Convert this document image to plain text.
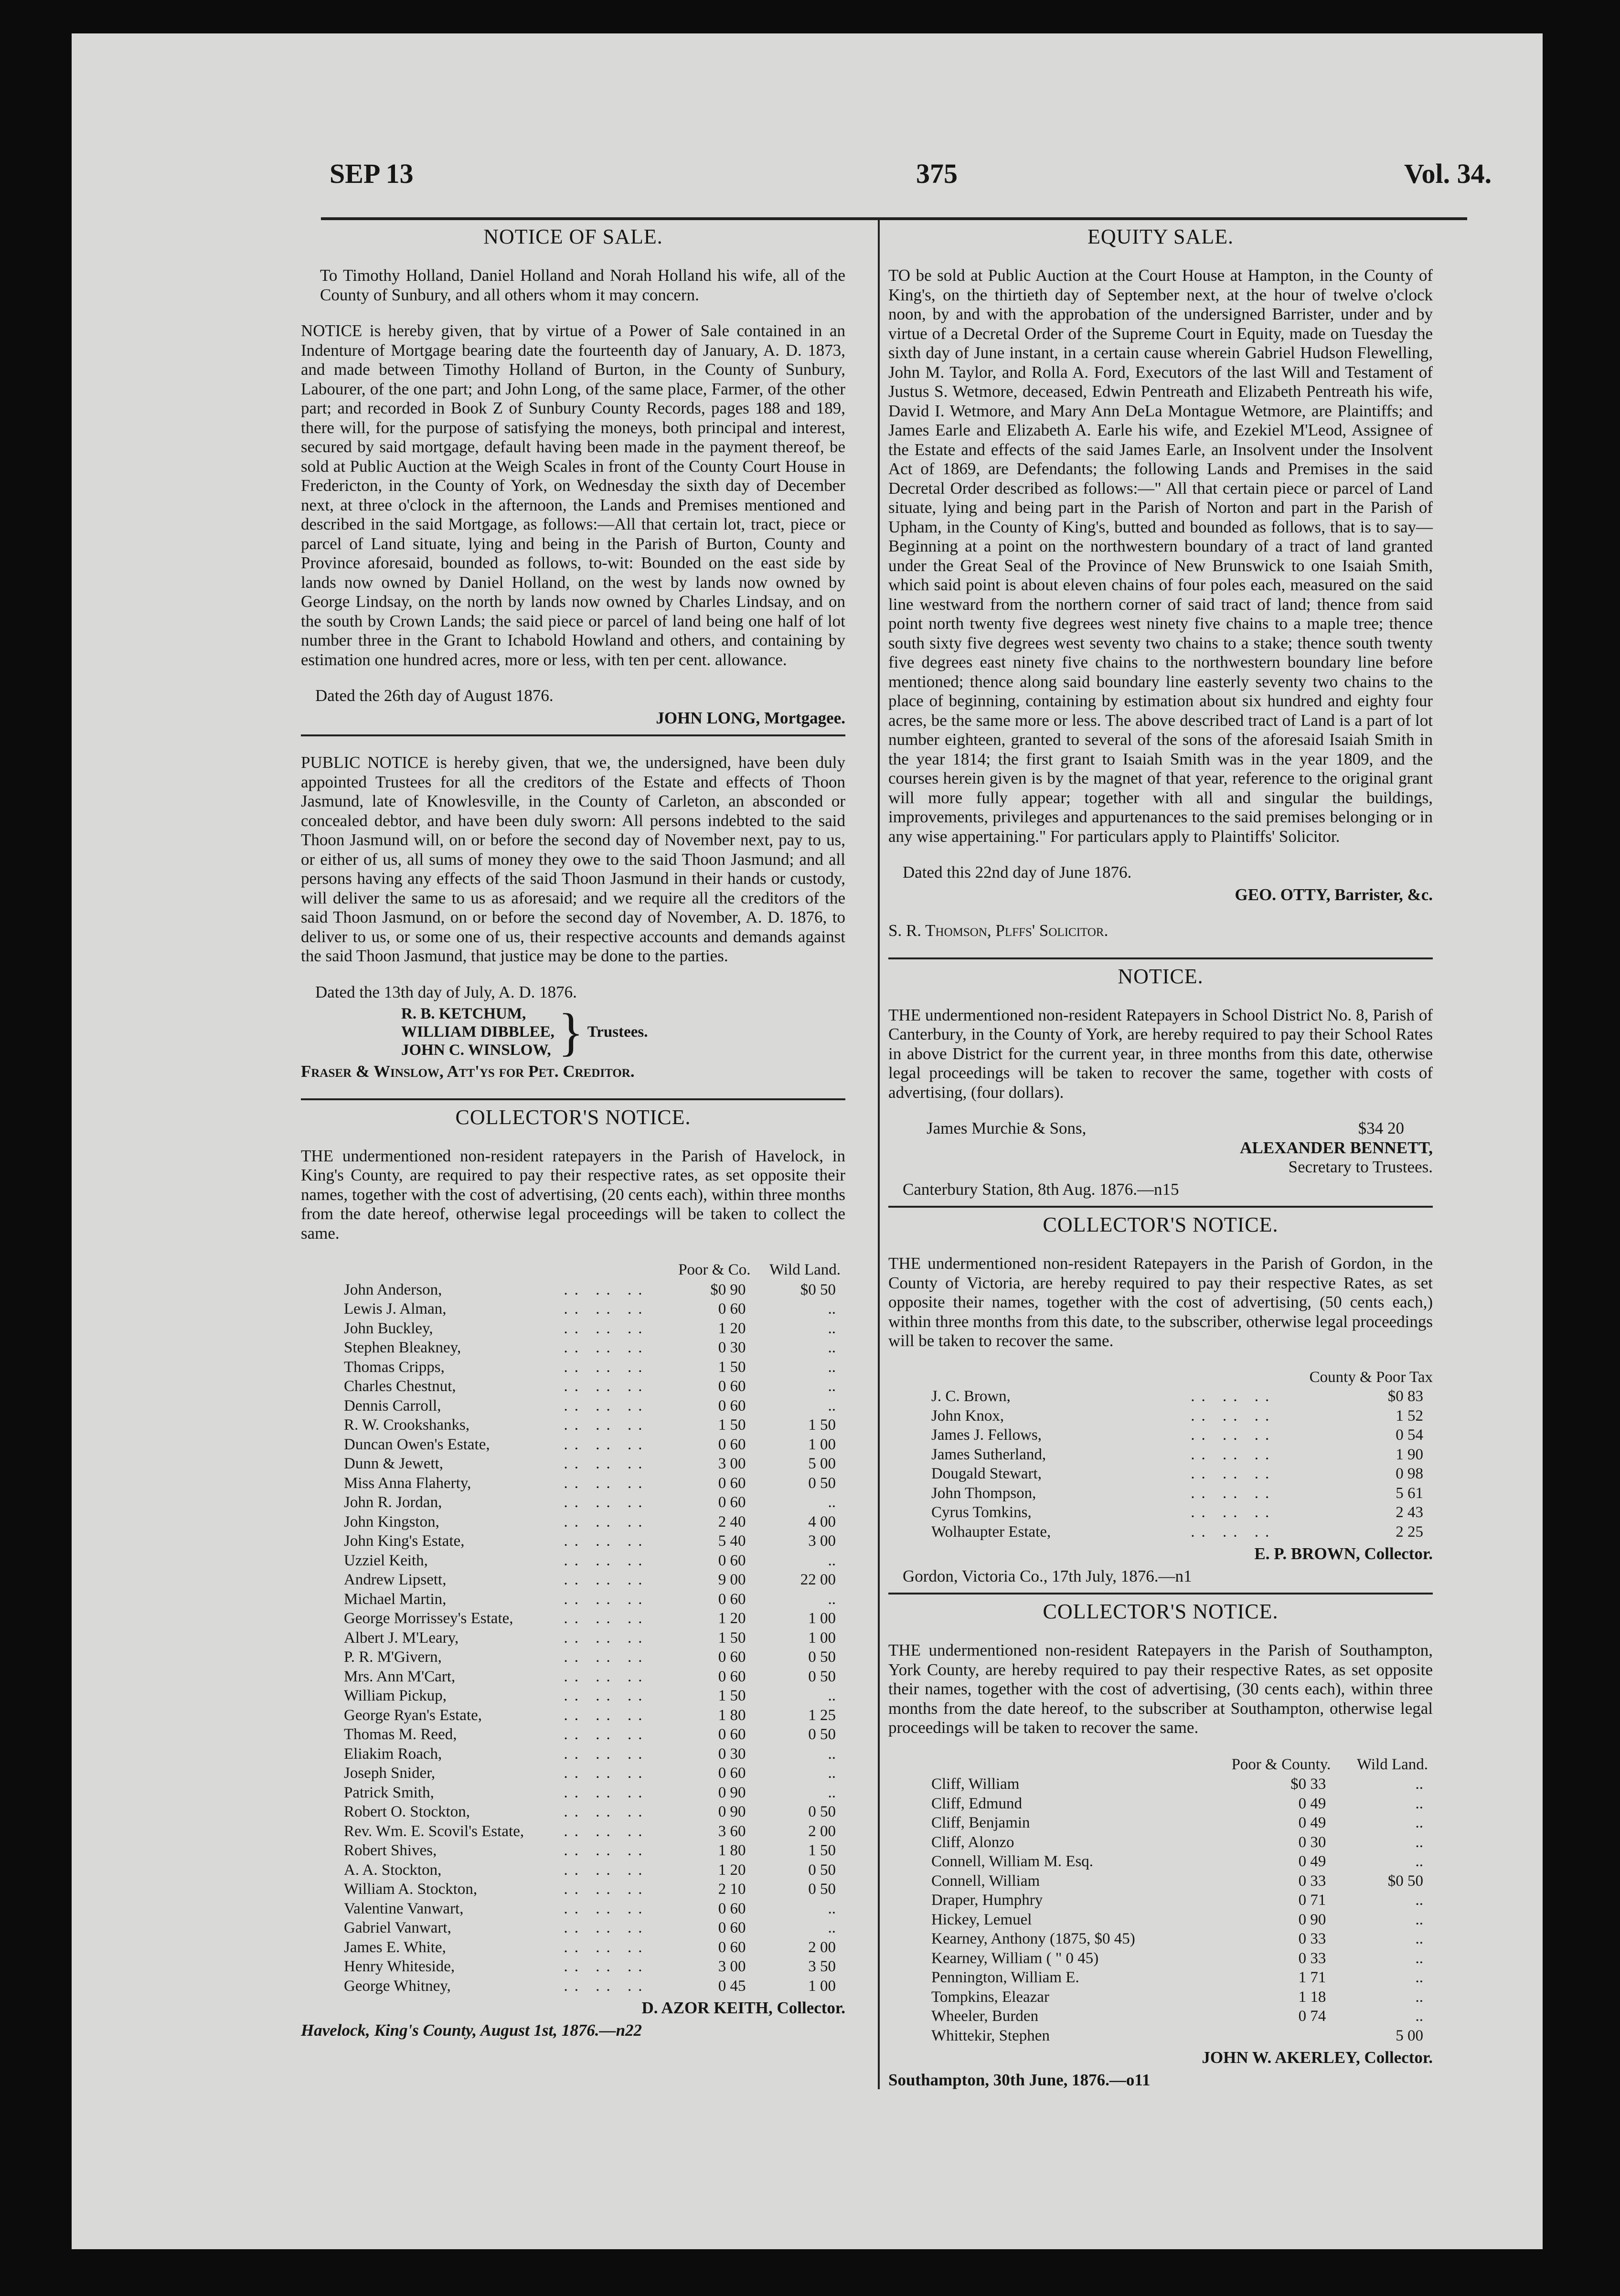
SEP 13	375	Vol. 34.
NOTICE OF SALE.

To Timothy Holland, Daniel Holland and Norah Holland his wife, all of the County of Sunbury, and all others whom it may concern.

NOTICE is hereby given, that by virtue of a Power of Sale contained in an Indenture of Mortgage bearing date the fourteenth day of January, A. D. 1873, and made between Timothy Holland of Burton, in the County of Sunbury, Labourer, of the one part; and John Long, of the same place, Farmer, of the other part; and recorded in Book Z of Sunbury County Records, pages 188 and 189, there will, for the purpose of satisfying the moneys, both principal and interest, secured by said mortgage, default having been made in the payment thereof, be sold at Public Auction at the Weigh Scales in front of the County Court House in Fredericton, in the County of York, on Wednesday the sixth day of December next, at three o'clock in the afternoon, the Lands and Premises mentioned and described in the said Mortgage, as follows:—All that certain lot, tract, piece or parcel of Land situate, lying and being in the Parish of Burton, County and Province aforesaid, bounded as follows, to-wit: Bounded on the east side by lands now owned by Daniel Holland, on the west by lands now owned by George Lindsay, on the north by lands now owned by Charles Lindsay, and on the south by Crown Lands; the said piece or parcel of land being one half of lot number three in the Grant to Ichabold Howland and others, and containing by estimation one hundred acres, more or less, with ten per cent. allowance.

Dated the 26th day of August 1876.

JOHN LONG, Mortgagee.

PUBLIC NOTICE is hereby given, that we, the undersigned, have been duly appointed Trustees for all the creditors of the Estate and effects of Thoon Jasmund, late of Knowlesville, in the County of Carleton, an absconded or concealed debtor, and have been duly sworn: All persons indebted to the said Thoon Jasmund will, on or before the second day of November next, pay to us, or either of us, all sums of money they owe to the said Thoon Jasmund; and all persons having any effects of the said Thoon Jasmund in their hands or custody, will deliver the same to us as aforesaid; and we require all the creditors of the said Thoon Jasmund, on or before the second day of November, A. D. 1876, to deliver to us, or some one of us, their respective accounts and demands against the said Thoon Jasmund, that justice may be done to the parties.

Dated the 13th day of July, A. D. 1876.

R. B. KETCHUM,
WILLIAM DIBBLEE,
JOHN C. WINSLOW, } Trustees.

Fraser & Winslow, Att'ys for Pet. Creditor.

COLLECTOR'S NOTICE.

THE undermentioned non-resident ratepayers in the Parish of Havelock, in King's County, are required to pay their respective rates, as set opposite their names, together with the cost of advertising, (20 cents each), within three months from the date hereof, otherwise legal proceedings will be taken to collect the same.

		Poor & Co.	Wild Land.
John Anderson,	.. .. ..	$0 90	$0 50
Lewis J. Alman,	.. .. ..	0 60	..
John Buckley,	.. .. ..	1 20	..
Stephen Bleakney,	.. .. ..	0 30	..
Thomas Cripps,	.. .. ..	1 50	..
Charles Chestnut,	.. .. ..	0 60	..
Dennis Carroll,	.. .. ..	0 60	..
R. W. Crookshanks,	.. .. ..	1 50	1 50
Duncan Owen's Estate,	.. .. ..	0 60	1 00
Dunn & Jewett,	.. .. ..	3 00	5 00
Miss Anna Flaherty,	.. .. ..	0 60	0 50
John R. Jordan,	.. .. ..	0 60	..
John Kingston,	.. .. ..	2 40	4 00
John King's Estate,	.. .. ..	5 40	3 00
Uzziel Keith,	.. .. ..	0 60	..
Andrew Lipsett,	.. .. ..	9 00	22 00
Michael Martin,	.. .. ..	0 60	..
George Morrissey's Estate,	.. .. ..	1 20	1 00
Albert J. M'Leary,	.. .. ..	1 50	1 00
P. R. M'Givern,	.. .. ..	0 60	0 50
Mrs. Ann M'Cart,	.. .. ..	0 60	0 50
William Pickup,	.. .. ..	1 50	..
George Ryan's Estate,	.. .. ..	1 80	1 25
Thomas M. Reed,	.. .. ..	0 60	0 50
Eliakim Roach,	.. .. ..	0 30	..
Joseph Snider,	.. .. ..	0 60	..
Patrick Smith,	.. .. ..	0 90	..
Robert O. Stockton,	.. .. ..	0 90	0 50
Rev. Wm. E. Scovil's Estate,	.. .. ..	3 60	2 00
Robert Shives,	.. .. ..	1 80	1 50
A. A. Stockton,	.. .. ..	1 20	0 50
William A. Stockton,	.. .. ..	2 10	0 50
Valentine Vanwart,	.. .. ..	0 60	..
Gabriel Vanwart,	.. .. ..	0 60	..
James E. White,	.. .. ..	0 60	2 00
Henry Whiteside,	.. .. ..	3 00	3 50
George Whitney,	.. .. ..	0 45	1 00

D. AZOR KEITH, Collector.

Havelock, King's County, August 1st, 1876.—n22

EQUITY SALE.

TO be sold at Public Auction at the Court House at Hampton, in the County of King's, on the thirtieth day of September next, at the hour of twelve o'clock noon, by and with the approbation of the undersigned Barrister, under and by virtue of a Decretal Order of the Supreme Court in Equity, made on Tuesday the sixth day of June instant, in a certain cause wherein Gabriel Hudson Flewelling, John M. Taylor, and Rolla A. Ford, Executors of the last Will and Testament of Justus S. Wetmore, deceased, Edwin Pentreath and Elizabeth Pentreath his wife, David I. Wetmore, and Mary Ann DeLa Montague Wetmore, are Plaintiffs; and James Earle and Elizabeth A. Earle his wife, and Ezekiel M'Leod, Assignee of the Estate and effects of the said James Earle, an Insolvent under the Insolvent Act of 1869, are Defendants; the following Lands and Premises in the said Decretal Order described as follows:—" All that certain piece or parcel of Land situate, lying and being part in the Parish of Norton and part in the Parish of Upham, in the County of King's, butted and bounded as follows, that is to say—Beginning at a point on the northwestern boundary of a tract of land granted under the Great Seal of the Province of New Brunswick to one Isaiah Smith, which said point is about eleven chains of four poles each, measured on the said line westward from the northern corner of said tract of land; thence from said point north twenty five degrees west ninety five chains to a maple tree; thence south sixty five degrees west seventy two chains to a stake; thence south twenty five degrees east ninety five chains to the northwestern boundary line before mentioned; thence along said boundary line easterly seventy two chains to the place of beginning, containing by estimation about six hundred and eighty four acres, be the same more or less. The above described tract of Land is a part of lot number eighteen, granted to several of the sons of the aforesaid Isaiah Smith in the year 1814; the first grant to Isaiah Smith was in the year 1809, and the courses herein given is by the magnet of that year, reference to the original grant will more fully appear; together with all and singular the buildings, improvements, privileges and appurtenances to the said premises belonging or in any wise appertaining." For particulars apply to Plaintiffs' Solicitor.

Dated this 22nd day of June 1876.

GEO. OTTY, Barrister, &c.

S. R. Thomson, Plffs' Solicitor.

NOTICE.

THE undermentioned non-resident Ratepayers in School District No. 8, Parish of Canterbury, in the County of York, are hereby required to pay their School Rates in above District for the current year, in three months from this date, otherwise legal proceedings will be taken to recover the same, together with costs of advertising, (four dollars).

James Murchie & Sons,	$34 20

ALEXANDER BENNETT,

Secretary to Trustees.

Canterbury Station, 8th Aug. 1876.—n15

COLLECTOR'S NOTICE.

THE undermentioned non-resident Ratepayers in the Parish of Gordon, in the County of Victoria, are hereby required to pay their respective Rates, as set opposite their names, together with the cost of advertising, (50 cents each,) within three months from this date, to the subscriber, otherwise legal proceedings will be taken to recover the same.

County & Poor Tax
J. C. Brown,	.. .. ..	$0 83
John Knox,	.. .. ..	1 52
James J. Fellows,	.. .. ..	0 54
James Sutherland,	.. .. ..	1 90
Dougald Stewart,	.. .. ..	0 98
John Thompson,	.. .. ..	5 61
Cyrus Tomkins,	.. .. ..	2 43
Wolhaupter Estate,	.. .. ..	2 25

E. P. BROWN, Collector.

Gordon, Victoria Co., 17th July, 1876.—n1

COLLECTOR'S NOTICE.

THE undermentioned non-resident Ratepayers in the Parish of Southampton, York County, are hereby required to pay their respective Rates, as set opposite their names, together with the cost of advertising, (30 cents each), within three months from the date hereof, to the subscriber at Southampton, otherwise legal proceedings will be taken to recover the same.

	Poor & County.	Wild Land.
Cliff, William	$0 33	..
Cliff, Edmund	0 49	..
Cliff, Benjamin	0 49	..
Cliff, Alonzo	0 30	..
Connell, William M. Esq.	0 49	..
Connell, William	0 33	$0 50
Draper, Humphry	0 71	..
Hickey, Lemuel	0 90	..
Kearney, Anthony (1875, $0 45)	0 33	..
Kearney, William ( " 0 45)	0 33	..
Pennington, William E.	1 71	..
Tompkins, Eleazar	1 18	..
Wheeler, Burden	0 74	..
Whittekir, Stephen		5 00

JOHN W. AKERLEY, Collector.

Southampton, 30th June, 1876.—o11
